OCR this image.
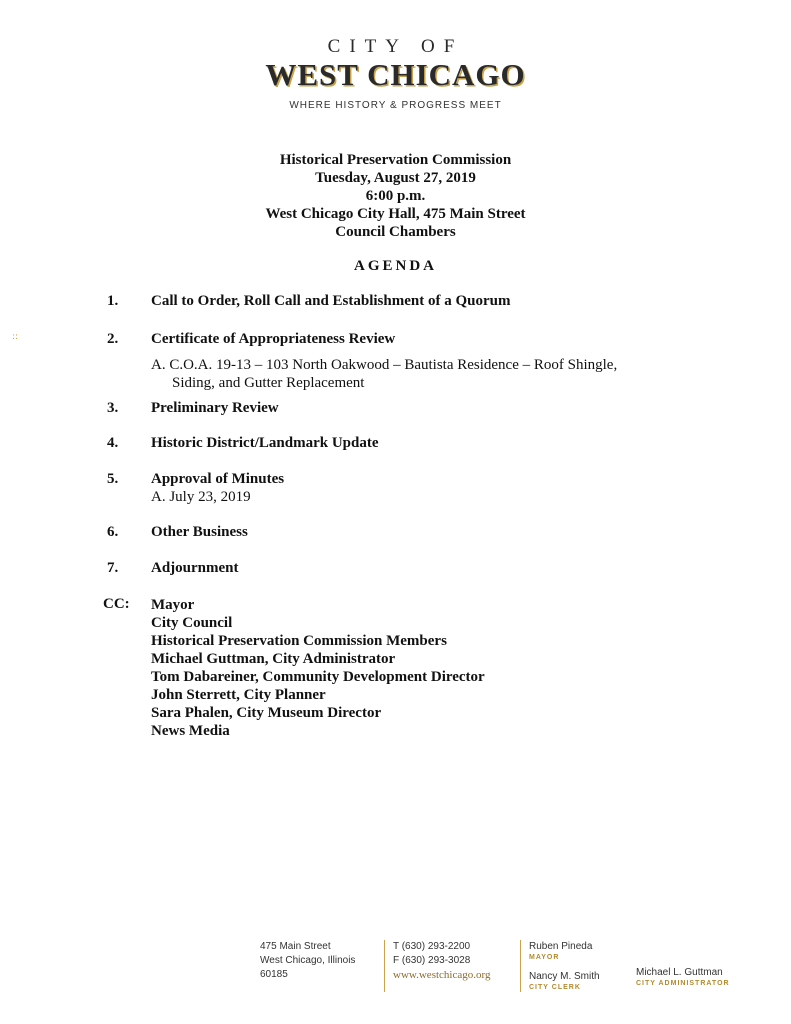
CITY OF
WEST CHICAGO
WHERE HISTORY & PROGRESS MEET
Historical Preservation Commission
Tuesday, August 27, 2019
6:00 p.m.
West Chicago City Hall, 475 Main Street
Council Chambers
AGENDA
::
1.	Call to Order, Roll Call and Establishment of a Quorum
2.	Certificate of Appropriateness Review
A. C.O.A. 19-13 – 103 North Oakwood – Bautista Residence – Roof Shingle,
Siding, and Gutter Replacement
3.	Preliminary Review
4.	Historic District/Landmark Update
5.	Approval of Minutes
A. July 23, 2019
6.	Other Business
7.	Adjournment
CC: Mayor
City Council
Historical Preservation Commission Members
Michael Guttman, City Administrator
Tom Dabareiner, Community Development Director
John Sterrett, City Planner
Sara Phalen, City Museum Director
News Media
475 Main Street
West Chicago, Illinois
60185
T (630) 293-2200
F (630) 293-3028
www.westchicago.org
Ruben Pineda
MAYOR
Nancy M. Smith
CITY CLERK
Michael L. Guttman
CITY ADMINISTRATOR
